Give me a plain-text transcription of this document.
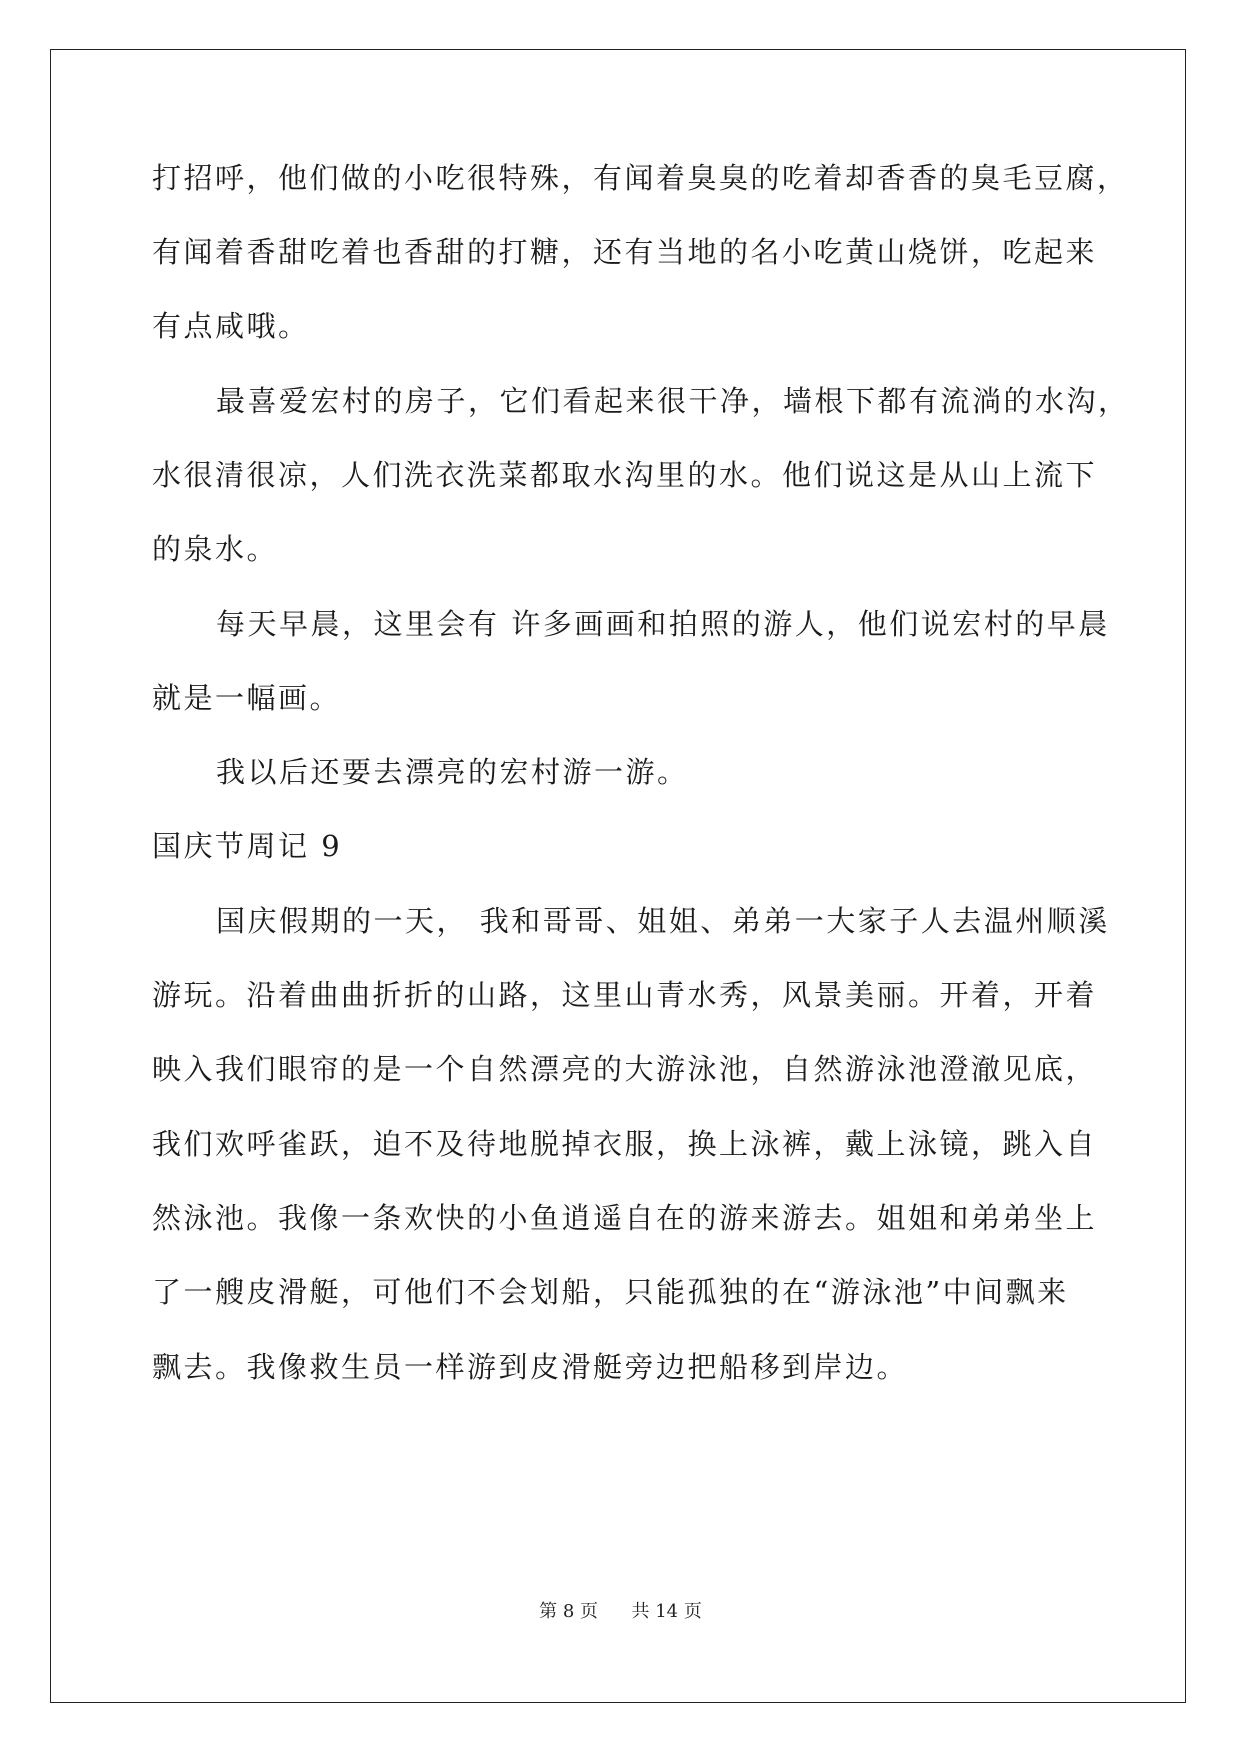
打招呼，他们做的小吃很特殊，有闻着臭臭的吃着却香香的臭毛豆腐，
有闻着香甜吃着也香甜的打糖，还有当地的名小吃黄山烧饼，吃起来
有点咸哦。
最喜爱宏村的房子，它们看起来很干净，墙根下都有流淌的水沟，
水很清很凉，人们洗衣洗菜都取水沟里的水。他们说这是从山上流下
的泉水。
每天早晨，这里会有 许多画画和拍照的游人，他们说宏村的早晨
就是一幅画。
我以后还要去漂亮的宏村游一游。
国庆节周记 9
国庆假期的一天， 我和哥哥、姐姐、弟弟一大家子人去温州顺溪
游玩。沿着曲曲折折的山路，这里山青水秀，风景美丽。开着，开着
映入我们眼帘的是一个自然漂亮的大游泳池，自然游泳池澄澈见底，
我们欢呼雀跃，迫不及待地脱掉衣服，换上泳裤，戴上泳镜，跳入自
然泳池。我像一条欢快的小鱼逍遥自在的游来游去。姐姐和弟弟坐上
了一艘皮滑艇，可他们不会划船，只能孤独的在“游泳池”中间飘来
飘去。我像救生员一样游到皮滑艇旁边把船移到岸边。
第 8 页 共 14 页
